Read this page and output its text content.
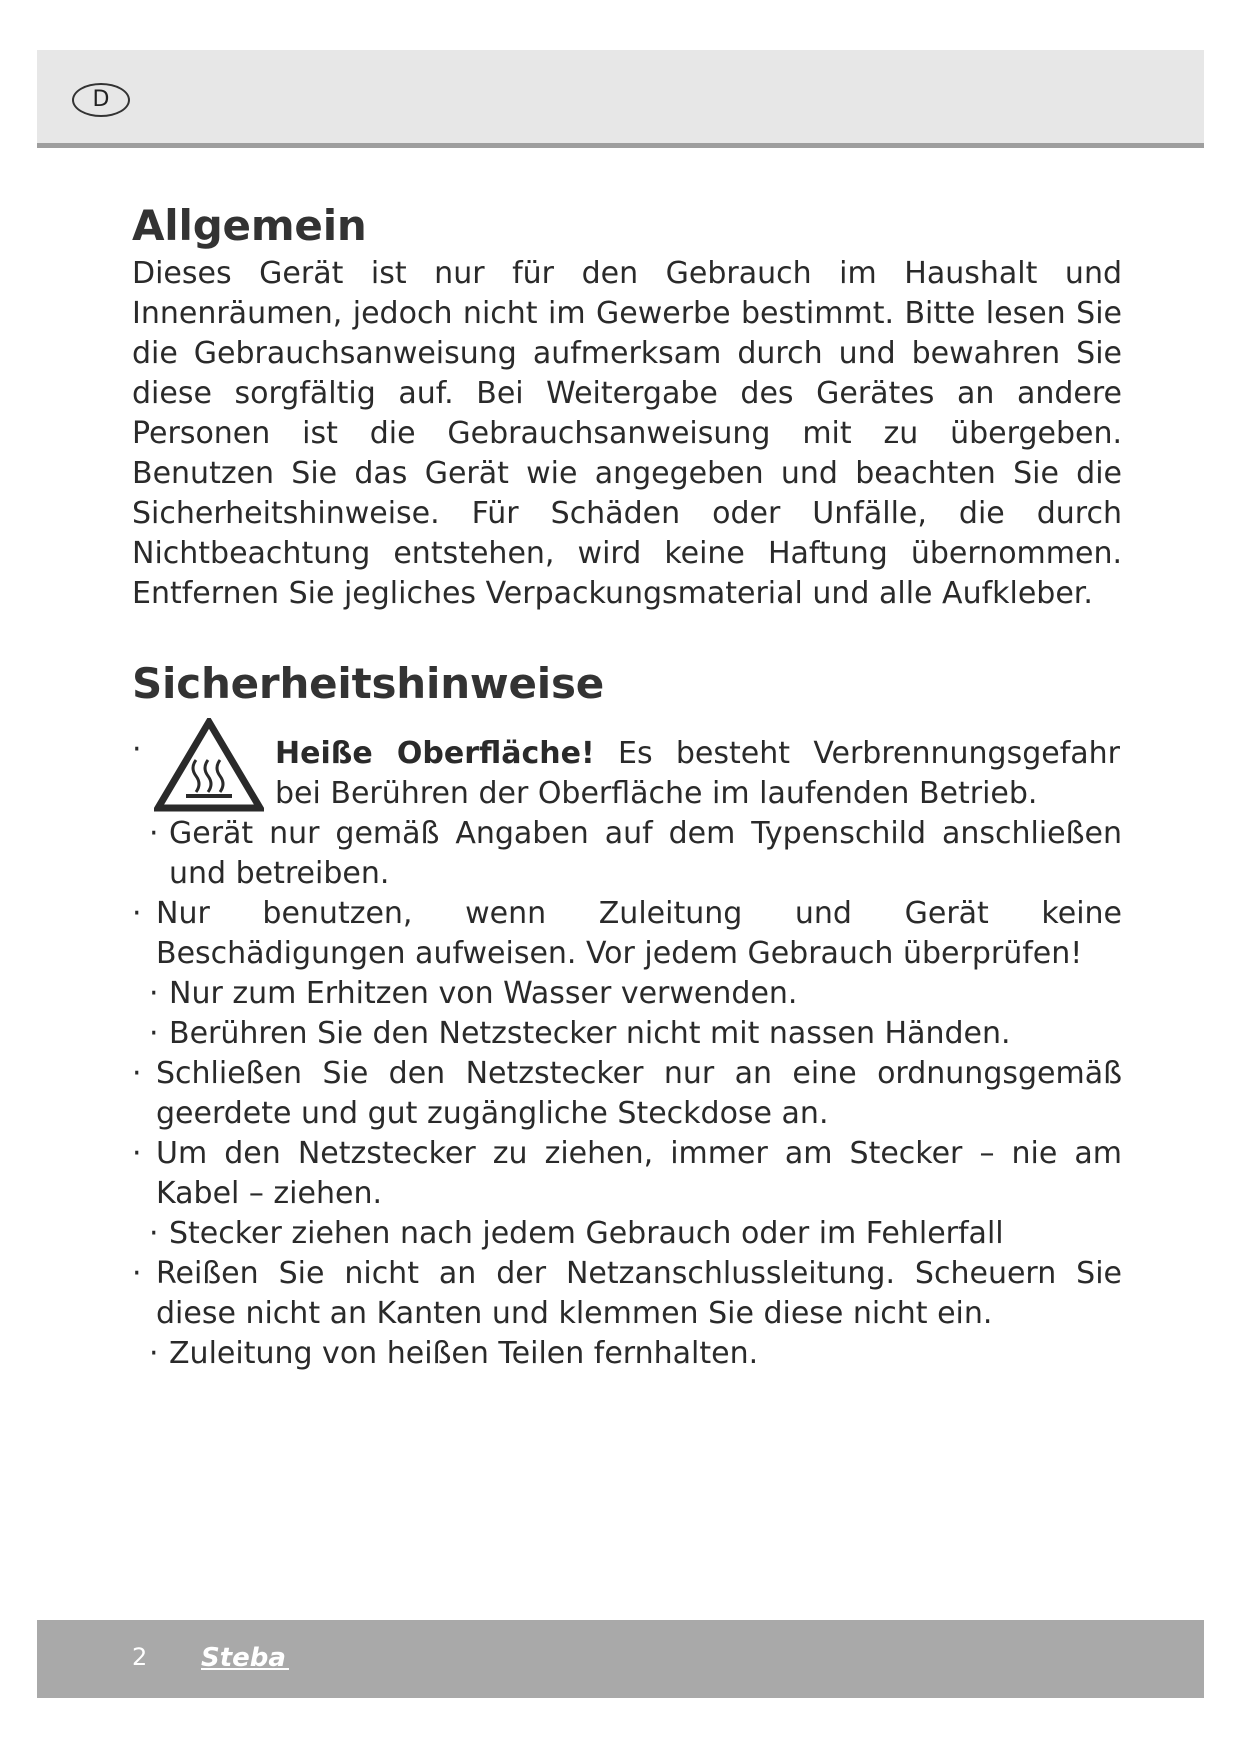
D
Allgemein

Dieses Gerät ist nur für den Gebrauch im Haushalt und Innenräumen, jedoch nicht im Gewerbe bestimmt. Bitte lesen Sie die Gebrauchsanweisung aufmerksam durch und bewahren Sie diese sorgfältig auf. Bei Weitergabe des Gerätes an andere Personen ist die Gebrauchsanweisung mit zu übergeben. Benutzen Sie das Gerät wie angegeben und beachten Sie die Sicherheitshinweise. Für Schäden oder Unfälle, die durch Nichtbeachtung entstehen, wird keine Haftung übernommen. Entfernen Sie jegliches Verpackungsmaterial und alle Aufkleber.

Sicherheitshinweise
·	Heiße Oberfläche! Es besteht Verbrennungsgefahr bei Berühren der Oberfläche im laufenden Betrieb.
· Gerät nur gemäß Angaben auf dem Typenschild anschließen und betreiben.
· Nur benutzen, wenn Zuleitung und Gerät keine Beschädigungen aufweisen. Vor jedem Gebrauch überprüfen!
· Nur zum Erhitzen von Wasser verwenden.
· Berühren Sie den Netzstecker nicht mit nassen Händen.
· Schließen Sie den Netzstecker nur an eine ordnungsgemäß geerdete und gut zugängliche Steckdose an.
· Um den Netzstecker zu ziehen, immer am Stecker – nie am Kabel – ziehen.
· Stecker ziehen nach jedem Gebrauch oder im Fehlerfall
· Reißen Sie nicht an der Netzanschlussleitung. Scheuern Sie diese nicht an Kanten und klemmen Sie diese nicht ein.
· Zuleitung von heißen Teilen fernhalten.
2 Steba
